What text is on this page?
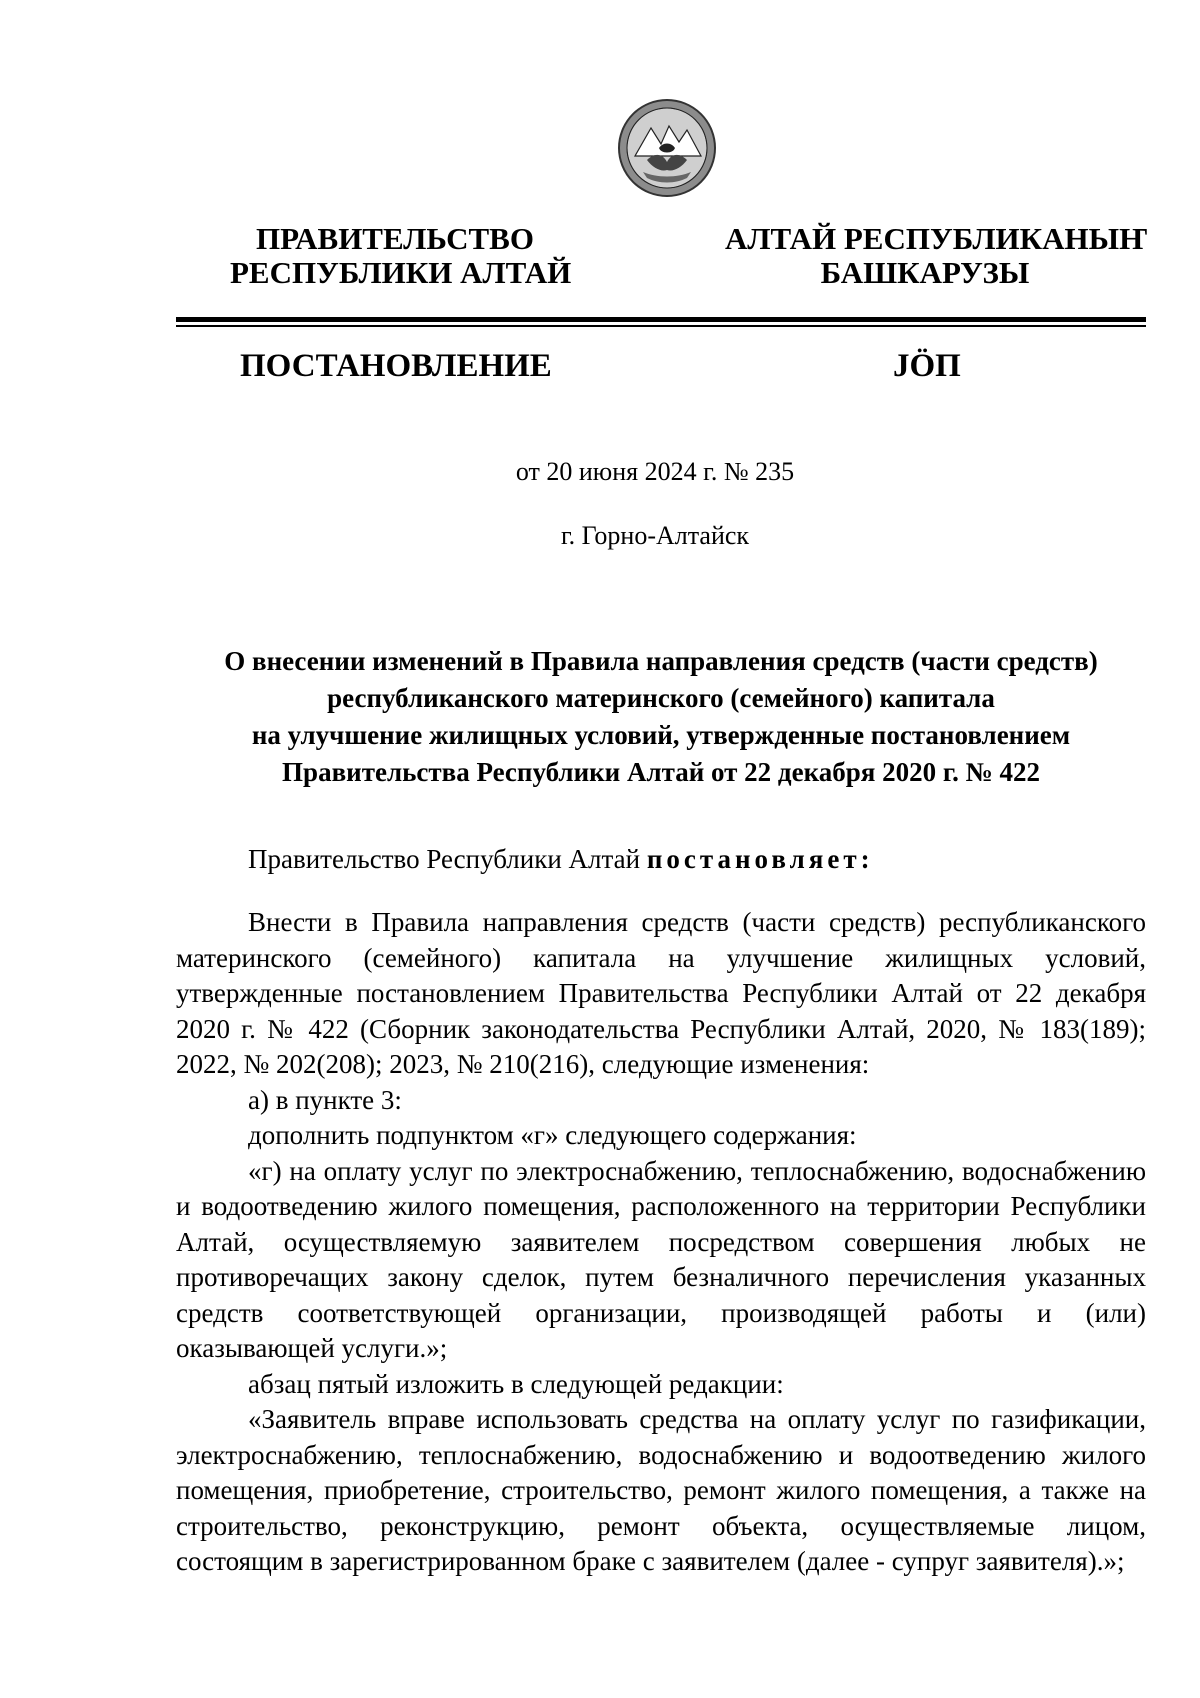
ПРАВИТЕЛЬСТВО
РЕСПУБЛИКИ АЛТАЙ
АЛТАЙ РЕСПУБЛИКАНЫҤ
БАШКАРУЗЫ
ПОСТАНОВЛЕНИЕ	JӦП
от 20 июня 2024 г. № 235
г. Горно-Алтайск
О внесении изменений в Правила направления средств (части средств)
республиканского материнского (семейного) капитала
на улучшение жилищных условий, утвержденные постановлением
Правительства Республики Алтай от 22 декабря 2020 г. № 422
Правительство Республики Алтай постановляет:

Внести в Правила направления средств (части средств) республиканского материнского (семейного) капитала на улучшение жилищных условий, утвержденные постановлением Правительства Республики Алтай от 22 декабря 2020 г. № 422 (Сборник законодательства Республики Алтай, 2020, № 183(189); 2022, № 202(208); 2023, № 210(216), следующие изменения:

а) в пункте 3:

дополнить подпунктом «г» следующего содержания:

«г) на оплату услуг по электроснабжению, теплоснабжению, водоснабжению и водоотведению жилого помещения, расположенного на территории Республики Алтай, осуществляемую заявителем посредством совершения любых не противоречащих закону сделок, путем безналичного перечисления указанных средств соответствующей организации, производящей работы и (или) оказывающей услуги.»;

абзац пятый изложить в следующей редакции:

«Заявитель вправе использовать средства на оплату услуг по газификации, электроснабжению, теплоснабжению, водоснабжению и водоотведению жилого помещения, приобретение, строительство, ремонт жилого помещения, а также на строительство, реконструкцию, ремонт объекта, осуществляемые лицом, состоящим в зарегистрированном браке с заявителем (далее - супруг заявителя).»;
